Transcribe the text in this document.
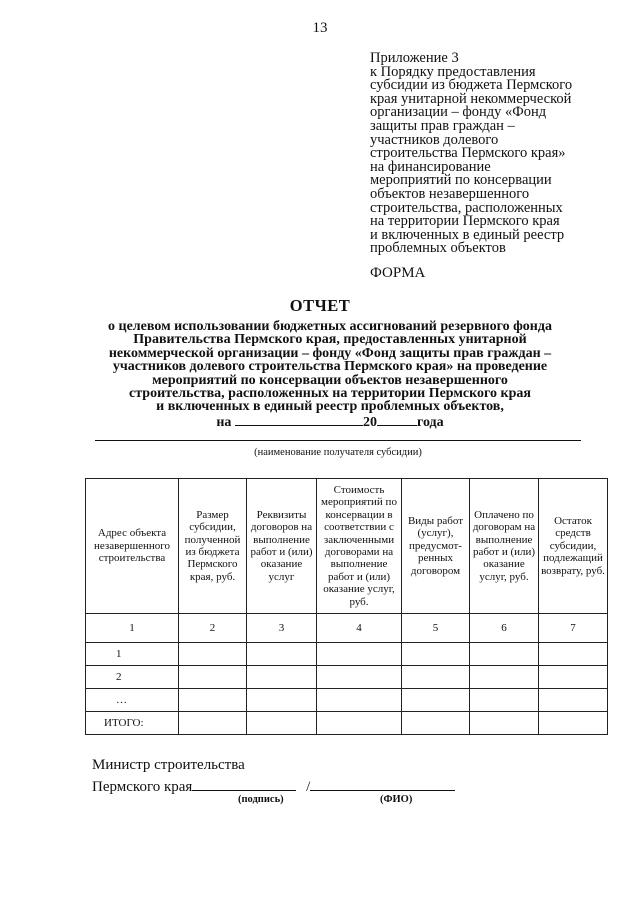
13
Приложение 3
к Порядку предоставления
субсидии из бюджета Пермского
края унитарной некоммерческой
организации – фонду «Фонд
защиты прав граждан –
участников долевого
строительства Пермского края»
на финансирование
мероприятий по консервации
объектов незавершенного
строительства, расположенных
на территории Пермского края
и включенных в единый реестр
проблемных объектов
ФОРМА
ОТЧЕТ
о целевом использовании бюджетных ассигнований резервного фонда
Правительства Пермского края, предоставленных унитарной
некоммерческой организации – фонду «Фонд защиты прав граждан –
участников долевого строительства Пермского края» на проведение
мероприятий по консервации объектов незавершенного
строительства, расположенных на территории Пермского края
и включенных в единый реестр проблемных объектов,
на	20	года
(наименование получателя субсидии)
Адрес объекта незавершенного строительства	Размер субсидии, полученной из бюджета Пермского края, руб.	Реквизиты договоров на выполнение работ и (или) оказание услуг	Стоимость мероприятий по консервации в соответствии с заключенными договорами на выполнение работ и (или) оказание услуг, руб.	Виды работ (услуг), предусмот-ренных договором	Оплачено по договорам на выполнение работ и (или) оказание услуг, руб.	Остаток средств субсидии, подлежащий возврату, руб.
1	2	3	4	5	6	7
1						
2						
…						
ИТОГО:						
Министр строительства
Пермского края	/
(подпись)	(ФИО)
